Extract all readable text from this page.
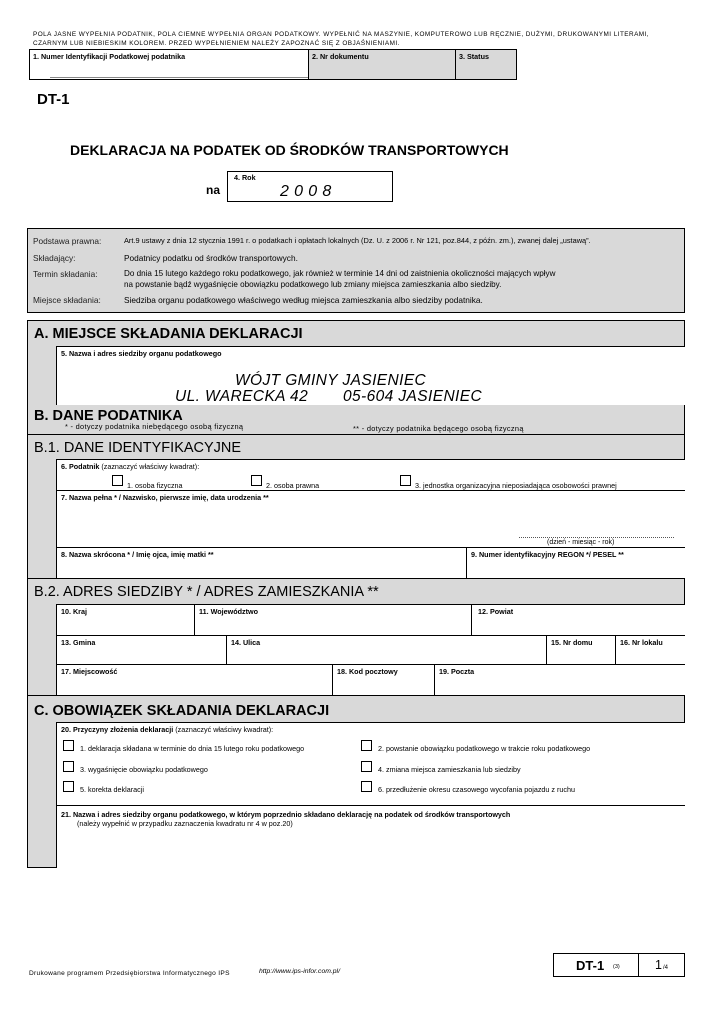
POLA JASNE WYPEŁNIA PODATNIK, POLA CIEMNE WYPEŁNIA ORGAN PODATKOWY. WYPEŁNIĆ NA MASZYNIE, KOMPUTEROWO LUB RĘCZNIE, DUŻYMI, DRUKOWANYMI LITERAMI,
CZARNYM LUB NIEBIESKIM KOLOREM. PRZED WYPEŁNIENIEM NALEŻY ZAPOZNAĆ SIĘ Z OBJAŚNIENIAMI.
1. Numer Identyfikacji Podatkowej podatnika	2. Nr dokumentu	3. Status
DT-1
DEKLARACJA NA PODATEK OD ŚRODKÓW TRANSPORTOWYCH
na
4. Rok
2 0 0 8
Podstawa prawna:	Art.9 ustawy z dnia 12 stycznia 1991 r. o podatkach i opłatach lokalnych (Dz. U. z 2006 r. Nr 121, poz.844, z późn. zm.), zwanej dalej „ustawą”.
Składający:	Podatnicy podatku od środków transportowych.
Termin składania:	Do dnia 15 lutego każdego roku podatkowego, jak również w terminie 14 dni od zaistnienia okoliczności mających wpływ
na powstanie bądź wygaśnięcie obowiązku podatkowego lub zmiany miejsca zamieszkania albo siedziby.
Miejsce składania:	Siedziba organu podatkowego właściwego według miejsca zamieszkania albo siedziby podatnika.
A. MIEJSCE SKŁADANIA DEKLARACJI
5. Nazwa i adres siedziby organu podatkowego
WÓJT GMINY JASIENIEC
UL. WARECKA 42 05-604 JASIENIEC
B. DANE PODATNIKA
* - dotyczy podatnika niebędącego osobą fizyczną	** - dotyczy podatnika będącego osobą fizyczną
B.1. DANE IDENTYFIKACYJNE
6. Podatnik (zaznaczyć właściwy kwadrat):
1. osoba fizyczna	2. osoba prawna	3. jednostka organizacyjna nieposiadająca osobowości prawnej
7. Nazwa pełna * / Nazwisko, pierwsze imię, data urodzenia **
(dzień - miesiąc - rok)
8. Nazwa skrócona * / Imię ojca, imię matki **	9. Numer identyfikacyjny REGON */ PESEL **
B.2. ADRES SIEDZIBY * / ADRES ZAMIESZKANIA **
10. Kraj	11. Województwo	12. Powiat
13. Gmina	14. Ulica	15. Nr domu	16. Nr lokalu
17. Miejscowość	18. Kod pocztowy	19. Poczta
C. OBOWIĄZEK SKŁADANIA DEKLARACJI
20. Przyczyny złożenia deklaracji (zaznaczyć właściwy kwadrat):
1. deklaracja składana w terminie do dnia 15 lutego roku podatkowego	2. powstanie obowiązku podatkowego w trakcie roku podatkowego
3. wygaśnięcie obowiązku podatkowego	4. zmiana miejsca zamieszkania lub siedziby
5. korekta deklaracji	6. przedłużenie okresu czasowego wycofania pojazdu z ruchu
21. Nazwa i adres siedziby organu podatkowego, w którym poprzednio składano deklarację na podatek od środków transportowych
(należy wypełnić w przypadku zaznaczenia kwadratu nr 4 w poz.20)
Drukowane programem Przedsiębiorstwa Informatycznego IPS	http://www.ips-infor.com.pl/	DT-1 (3)	1 /4
